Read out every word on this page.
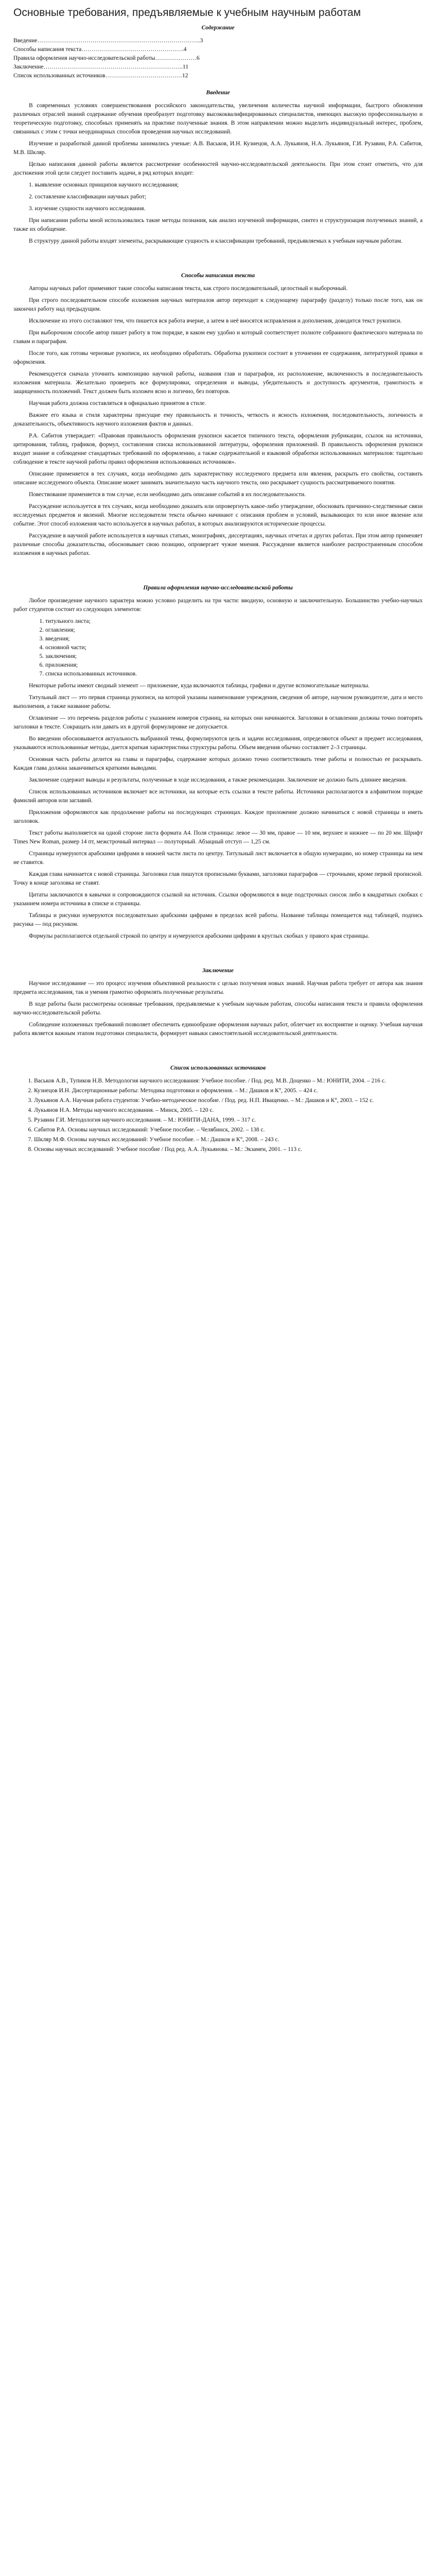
Основные требования, предъявляемые к учебным научным работам
Содержание
Введение………………………………………………………………………..3
Способы написания текста…………………………………………….4
Правила оформления научно-исследовательской работы…………………6
Заключение……………………………………………………………..11
Список использованных источников…………………………………12
Введение

В современных условиях совершенствования российского законодательства, увеличения количества научной информации, быстрого обновления различных отраслей знаний содержание обучения преобразует подготовку высококвалифицированных специалистов, имеющих высокую профессиональную и теоретическую подготовку, способных применять на практике полученные знания. В этом направлении можно выделить индивидуальный интерес, проблем, связанных с этим с точки неординарных способов проведения научных исследований.

Изучение и разработкой данной проблемы занимались ученые: А.В. Васьков, И.Н. Кузнецов, А.А. Лукьянов, Н.А. Лукьянов, Г.И. Рузавин, Р.А. Сабитов, М.В. Шкляр.

Целью написания данной работы является рассмотрение особенностей научно-исследовательской деятельности. При этом стоит отметить, что для достижения этой цели следует поставить задачи, в ряд которых входит:

1. выявление основных принципов научного исследования;

2. составление классификации научных работ;

3. изучение сущности научного исследования.

При написании работы мной использовались такие методы познания, как анализ изученной информации, синтез и структуризация полученных знаний, а также их обобщение.

В структуру данной работы входят элементы, раскрывающие сущность и классификации требований, предъявляемых к учебным научным работам.

Способы написания текста

Авторы научных работ применяют такие способы написания текста, как строго последовательный, целостный и выборочный.

При строго последовательном способе изложения научных материалов автор переходит к следующему параграфу (разделу) только после того, как он закончил работу над предыдущим.

Исключение из этого составляют тем, что пишется вся работа вчерне, а затем в неё вносятся исправления и дополнения, доводится текст рукописи.

При выборочном способе автор пишет работу в том порядке, в каком ему удобно и который соответствует полноте собранного фактического материала по главам и параграфам.

После того, как готовы черновые рукописи, их необходимо обработать. Обработка рукописи состоит в уточнении ее содержания, литературной правки и оформления.

Рекомендуется сначала уточнить композицию научной работы, названия глав и параграфов, их расположение, включенность в последовательность изложения материала. Желательно проверить все формулировки, определения и выводы, убедительность и доступность аргументов, грамотность и защищенность положений. Текст должен быть изложен ясно и логично, без повторов.

Научная работа должна составляться в официально принятом в стиле.

Важнее его языка и стиля характерны присущие ему правильность и точность, четкость и ясность изложения, последовательность, логичность и доказательность, объективность научного изложения фактов и данных.

Р.А. Сабитов утверждает: «Правовая правильность оформления рукописи касается типичного текста, оформления рубрикации, ссылок на источники, цитирования, таблиц, графиков, формул, составления списка использованной литературы, оформления приложений. В правильность оформления рукописи входит знание и соблюдение стандартных требований по оформлению, а также содержательной и языковой обработки использованных материалов: тщательно соблюдение в тексте научной работы правил оформления использованных источников».

Описание применяется в тех случаях, когда необходимо дать характеристику исследуемого предмета или явления, раскрыть его свойства, составить описание исследуемого объекта. Описание может занимать значительную часть научного текста, оно раскрывает сущность рассматриваемого понятия.

Повествование применяется в том случае, если необходимо дать описание событий в их последовательности.

Рассуждение используется в тех случаях, когда необходимо доказать или опровергнуть какое-либо утверждение, обосновать причинно-следственные связи исследуемых предметов и явлений. Многие исследователи текста обычно начинают с описания проблем и условий, вызывающих то или иное явление или событие. Этот способ изложения часто используется в научных работах, в которых анализируются исторические процессы.

Рассуждение в научной работе используется в научных статьях, монографиях, диссертациях, научных отчетах и других работах. При этом автор применяет различные способы доказательства, обосновывает свою позицию, опровергает чужие мнения. Рассуждение является наиболее распространенным способом изложения в научных работах.

Правила оформления научно-исследовательской работы

Любое произведение научного характера можно условно разделить на три части: вводную, основную и заключительную. Большинство учебно-научных работ студентов состоит из следующих элементов:

1. титульного листа;
2. оглавления;
3. введения;
4. основной части;
5. заключения;
6. приложения;
7. списка использованных источников.

Некоторые работы имеют сводный элемент — приложение, куда включаются таблицы, графики и другие вспомогательные материалы.

Титульный лист — это первая страница рукописи, на которой указаны наименование учреждения, сведения об авторе, научном руководителе, дата и место выполнения, а также название работы.

Оглавление — это перечень разделов работы с указанием номеров страниц, на которых они начинаются. Заголовки в оглавлении должны точно повторять заголовки в тексте. Сокращать или давать их в другой формулировке не допускается.

Во введении обосновывается актуальность выбранной темы, формулируются цель и задачи исследования, определяются объект и предмет исследования, указываются использованные методы, дается краткая характеристика структуры работы. Объем введения обычно составляет 2–3 страницы.

Основная часть работы делится на главы и параграфы, содержание которых должно точно соответствовать теме работы и полностью ее раскрывать. Каждая глава должна заканчиваться краткими выводами.

Заключение содержит выводы и результаты, полученные в ходе исследования, а также рекомендации. Заключение не должно быть длиннее введения.

Список использованных источников включает все источники, на которые есть ссылки в тексте работы. Источники располагаются в алфавитном порядке фамилий авторов или заглавий.

Приложения оформляются как продолжение работы на последующих страницах. Каждое приложение должно начинаться с новой страницы и иметь заголовок.

Текст работы выполняется на одной стороне листа формата А4. Поля страницы: левое — 30 мм, правое — 10 мм, верхнее и нижнее — по 20 мм. Шрифт Times New Roman, размер 14 пт, межстрочный интервал — полуторный. Абзацный отступ — 1,25 см.

Страницы нумеруются арабскими цифрами в нижней части листа по центру. Титульный лист включается в общую нумерацию, но номер страницы на нем не ставится.

Каждая глава начинается с новой страницы. Заголовки глав пишутся прописными буквами, заголовки параграфов — строчными, кроме первой прописной. Точку в конце заголовка не ставят.

Цитаты заключаются в кавычки и сопровождаются ссылкой на источник. Ссылки оформляются в виде подстрочных сносок либо в квадратных скобках с указанием номера источника в списке и страницы.

Таблицы и рисунки нумеруются последовательно арабскими цифрами в пределах всей работы. Название таблицы помещается над таблицей, подпись рисунка — под рисунком.

Формулы располагаются отдельной строкой по центру и нумеруются арабскими цифрами в круглых скобках у правого края страницы.

Заключение

Научное исследование — это процесс изучения объективной реальности с целью получения новых знаний. Научная работа требует от автора как знания предмета исследования, так и умения грамотно оформлять полученные результаты.

В ходе работы были рассмотрены основные требования, предъявляемые к учебным научным работам, способы написания текста и правила оформления научно-исследовательской работы.

Соблюдение изложенных требований позволяет обеспечить единообразие оформления научных работ, облегчает их восприятие и оценку. Учебная научная работа является важным этапом подготовки специалиста, формирует навыки самостоятельной исследовательской деятельности.

Список использованных источников
1. Васьков А.В., Тупиков Н.В. Методология научного исследования: Учебное пособие. / Под. ред. М.В. Доценко – М.: ЮНИТИ, 2004. – 216 с.
2. Кузнецов И.Н. Диссертационные работы: Методика подготовки и оформления. – М.: Дашков и К°, 2005. – 424 с.
3. Лукьянов А.А. Научная работа студентов: Учебно-методическое пособие. / Под. ред. Н.П. Иващенко. – М.: Дашков и К°, 2003. – 152 с.
4. Лукьянов Н.А. Методы научного исследования. – Минск, 2005. – 120 с.
5. Рузавин Г.И. Методология научного исследования. – М.: ЮНИТИ-ДАНА, 1999. – 317 с.
6. Сабитов Р.А. Основы научных исследований: Учебное пособие. – Челябинск, 2002. – 138 с.
7. Шкляр М.Ф. Основы научных исследований: Учебное пособие. – М.: Дашков и К°, 2008. – 243 с.
8. Основы научных исследований: Учебное пособие / Под ред. А.А. Лукьянова. – М.: Экзамен, 2001. – 113 с.
